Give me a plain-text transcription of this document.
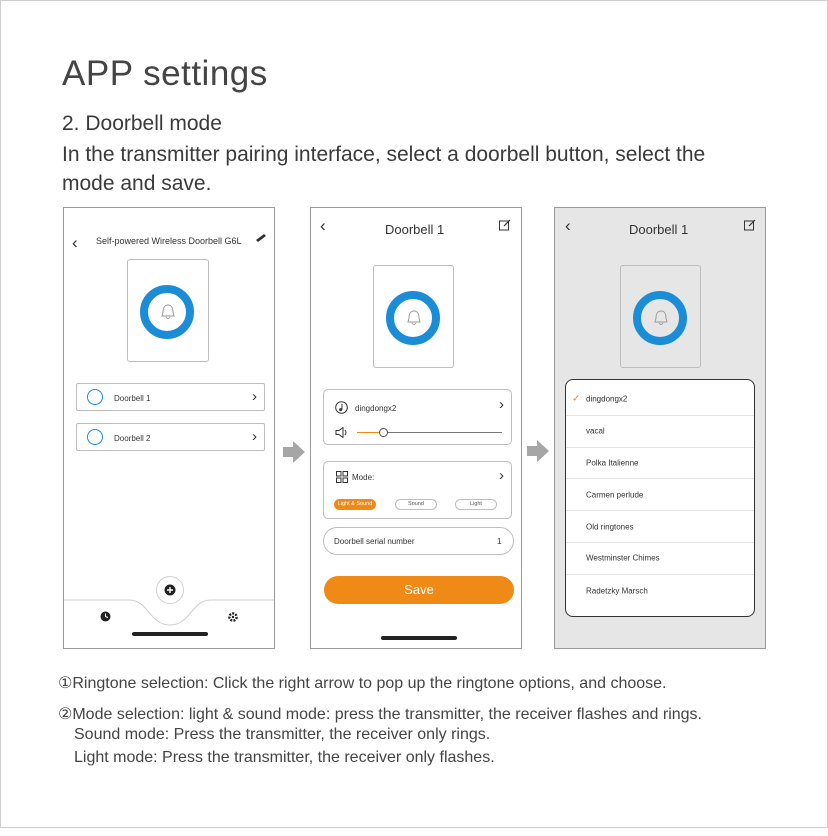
APP settings
2. Doorbell mode
In the transmitter pairing interface, select a doorbell button, select the mode and save.
‹ Self-powered Wireless Doorbell G6L
Doorbell 1	›
Doorbell 2	›
‹	Doorbell 1
dingdongx2	›
Mode:	›
Light & Sound	Sound	Light
Doorbell serial number	1
Save
‹	Doorbell 1
✓ dingdongx2
vacal
Polka Italienne
Carmen perlude
Old ringtones
Westminster Chimes
Radetzky Marsch
①Ringtone selection: Click the right arrow to pop up the ringtone options, and choose.
②Mode selection: light & sound mode: press the transmitter, the receiver flashes and rings.
Sound mode: Press the transmitter, the receiver only rings.
Light mode: Press the transmitter, the receiver only flashes.
